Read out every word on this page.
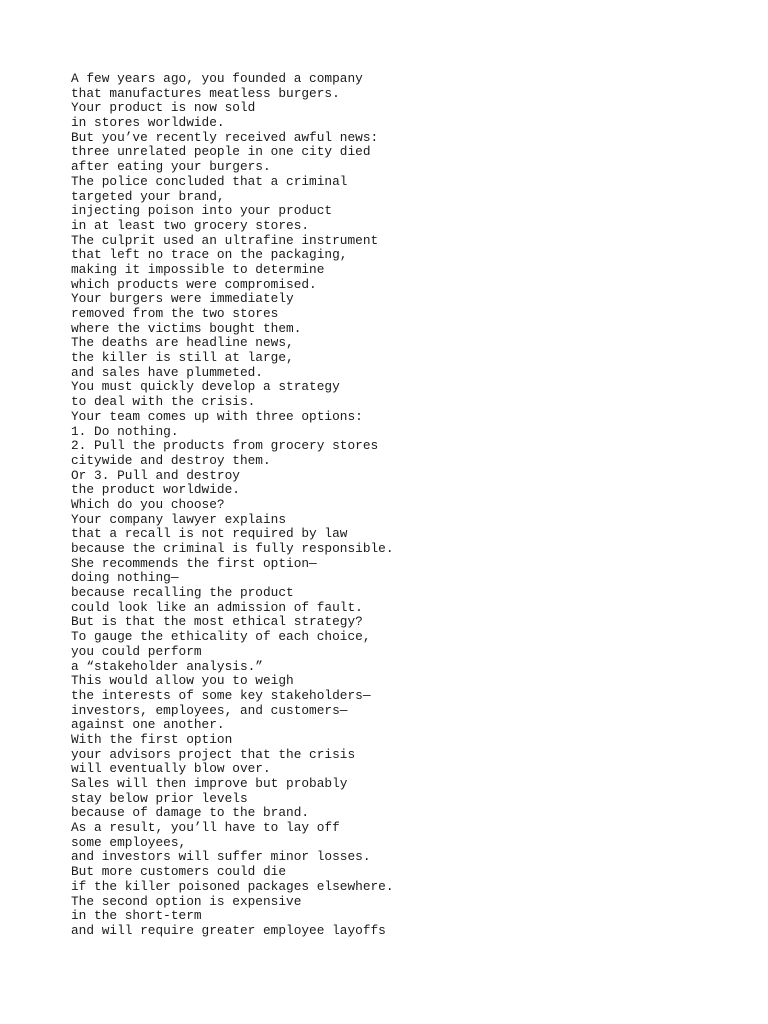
A few years ago, you founded a company
that manufactures meatless burgers.
Your product is now sold
in stores worldwide.
But you’ve recently received awful news:
three unrelated people in one city died
after eating your burgers.
The police concluded that a criminal
targeted your brand,
injecting poison into your product
in at least two grocery stores.
The culprit used an ultrafine instrument
that left no trace on the packaging,
making it impossible to determine
which products were compromised.
Your burgers were immediately
removed from the two stores
where the victims bought them.
The deaths are headline news,
the killer is still at large,
and sales have plummeted.
You must quickly develop a strategy
to deal with the crisis.
Your team comes up with three options:
1. Do nothing.
2. Pull the products from grocery stores
citywide and destroy them.
Or 3. Pull and destroy
the product worldwide.
Which do you choose?
Your company lawyer explains
that a recall is not required by law
because the criminal is fully responsible.
She recommends the first option—
doing nothing—
because recalling the product
could look like an admission of fault.
But is that the most ethical strategy?
To gauge the ethicality of each choice,
you could perform
a “stakeholder analysis.”
This would allow you to weigh
the interests of some key stakeholders—
investors, employees, and customers—
against one another.
With the first option
your advisors project that the crisis
will eventually blow over.
Sales will then improve but probably
stay below prior levels
because of damage to the brand.
As a result, you’ll have to lay off
some employees,
and investors will suffer minor losses.
But more customers could die
if the killer poisoned packages elsewhere.
The second option is expensive
in the short-term
and will require greater employee layoffs
